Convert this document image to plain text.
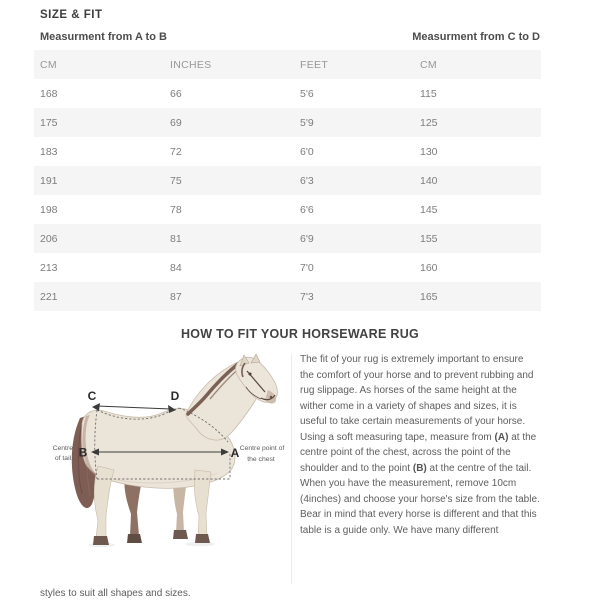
SIZE & FIT
Measurment from A to B	Measurment from C to D
CM	INCHES	FEET	CM
168	66	5'6	115
175	69	5'9	125
183	72	6'0	130
191	75	6'3	140
198	78	6'6	145
206	81	6'9	155
213	84	7'0	160
221	87	7'3	165
HOW TO FIT YOUR HORSEWARE RUG
C	D
B	A
Centre
of tail.
Centre point of
the chest

The fit of your rug is extremely important to ensure the comfort of your horse and to prevent rubbing and rug slippage. As horses of the same height at the wither come in a variety of shapes and sizes, it is useful to take certain measurements of your horse.

Using a soft measuring tape, measure from (A) at the centre point of the chest, across the point of the shoulder and to the point (B) at the centre of the tail. When you have the measurement, remove 10cm (4inches) and choose your horse's size from the table.

Bear in mind that every horse is different and that this table is a guide only. We have many different

styles to suit all shapes and sizes.
